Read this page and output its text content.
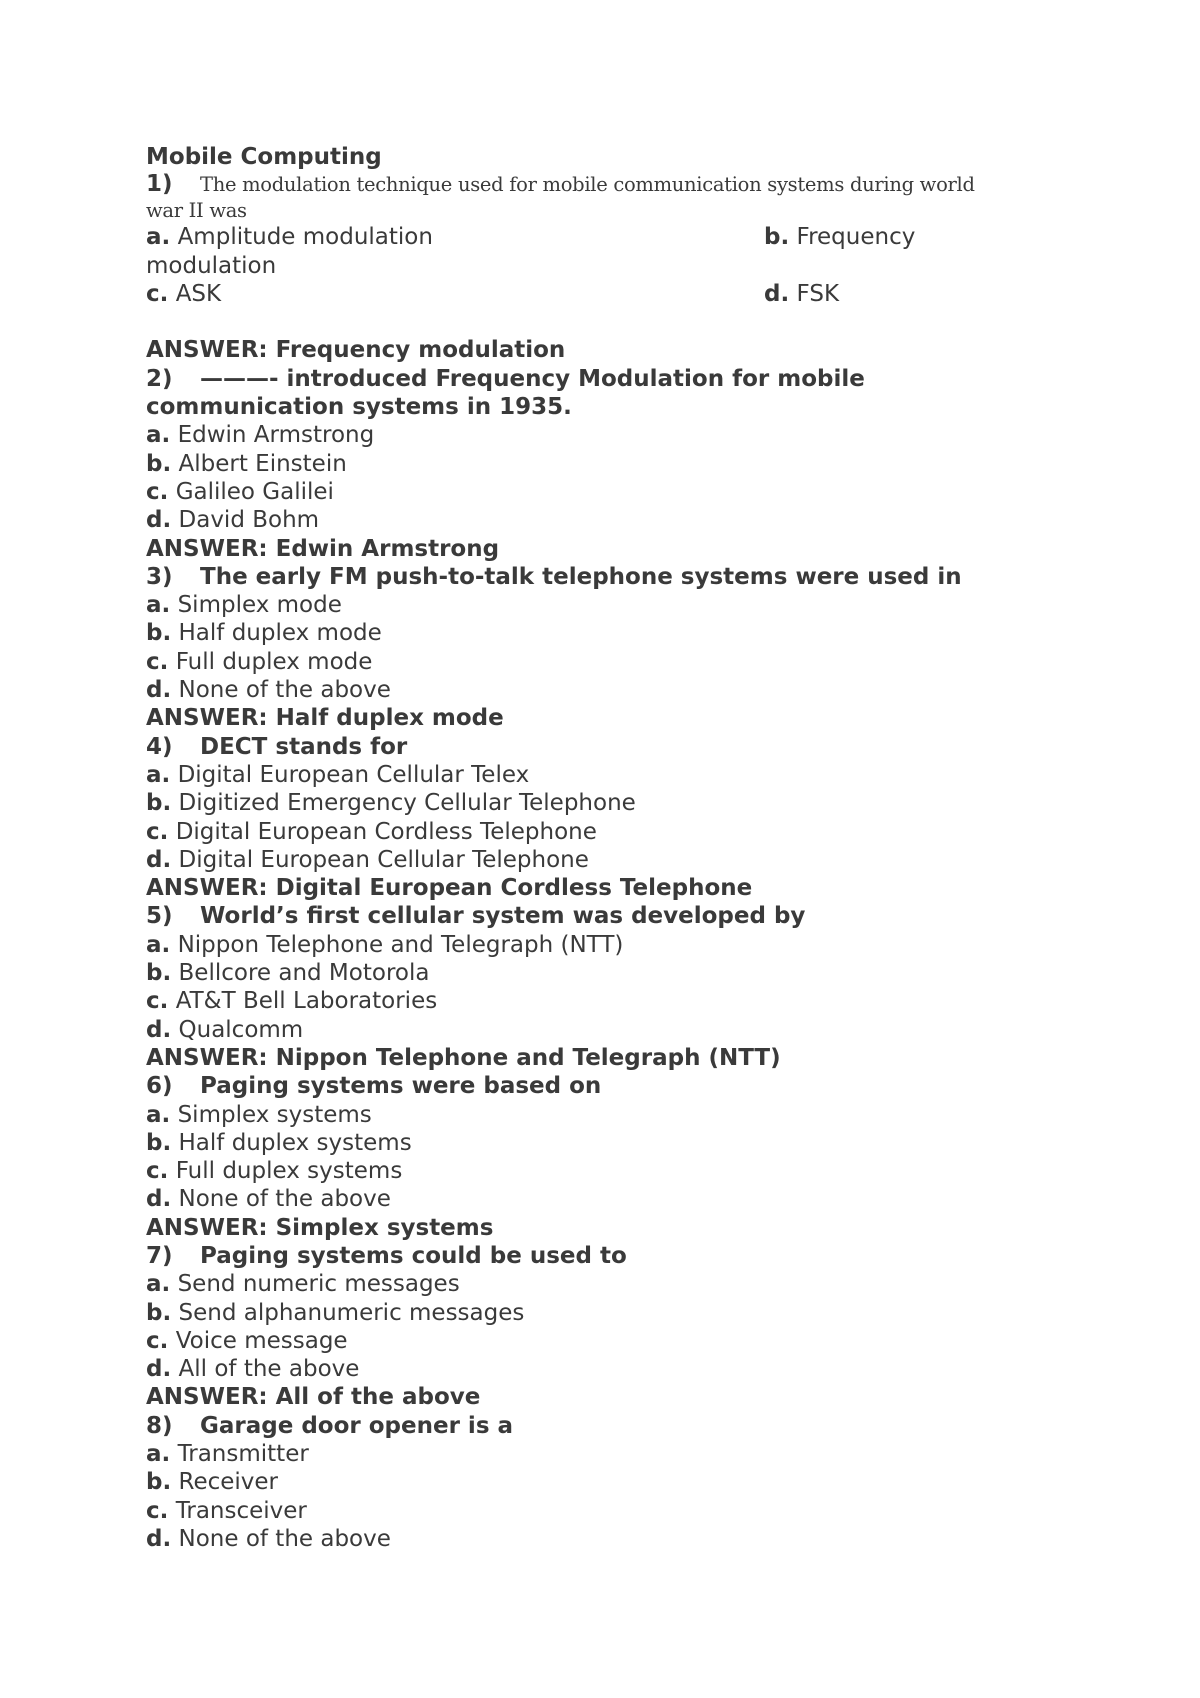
Mobile Computing
1) The modulation technique used for mobile communication systems during world
war II was
a. Amplitude modulation	b. Frequency
modulation
c. ASK	d. FSK
ANSWER: Frequency modulation
2) ———- introduced Frequency Modulation for mobile
communication systems in 1935.
a. Edwin Armstrong
b. Albert Einstein
c. Galileo Galilei
d. David Bohm
ANSWER: Edwin Armstrong
3) The early FM push-to-talk telephone systems were used in
a. Simplex mode
b. Half duplex mode
c. Full duplex mode
d. None of the above
ANSWER: Half duplex mode
4) DECT stands for
a. Digital European Cellular Telex
b. Digitized Emergency Cellular Telephone
c. Digital European Cordless Telephone
d. Digital European Cellular Telephone
ANSWER: Digital European Cordless Telephone
5) World’s first cellular system was developed by
a. Nippon Telephone and Telegraph (NTT)
b. Bellcore and Motorola
c. AT&T Bell Laboratories
d. Qualcomm
ANSWER: Nippon Telephone and Telegraph (NTT)
6) Paging systems were based on
a. Simplex systems
b. Half duplex systems
c. Full duplex systems
d. None of the above
ANSWER: Simplex systems
7) Paging systems could be used to
a. Send numeric messages
b. Send alphanumeric messages
c. Voice message
d. All of the above
ANSWER: All of the above
8) Garage door opener is a
a. Transmitter
b. Receiver
c. Transceiver
d. None of the above
